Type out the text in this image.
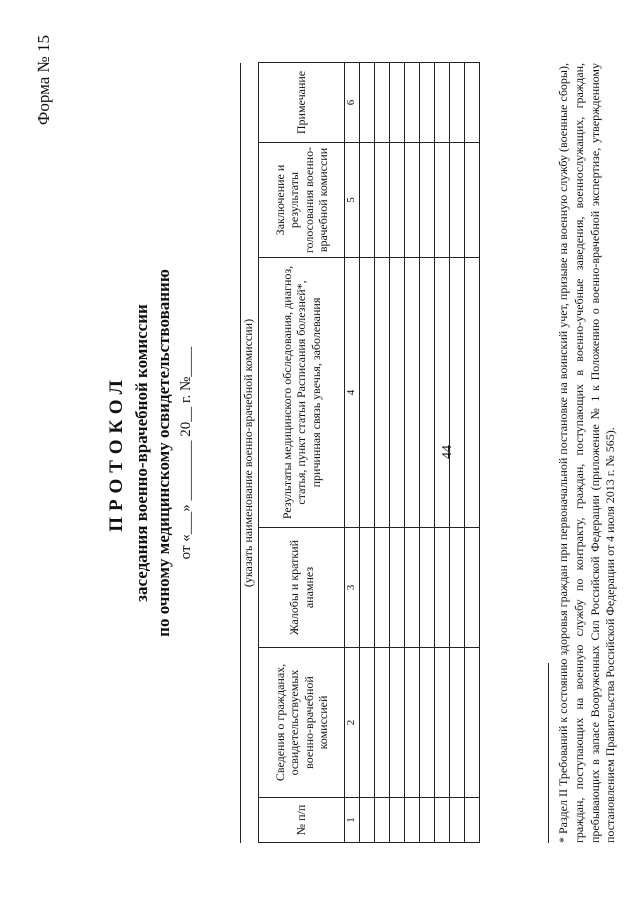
44
Форма № 15
ПРОТОКОЛ заседания военно-врачебной комиссии по очному медицинскому освидетельствованию от «___» ________ 20__ г. №____	(указать наименование военно-врачебной комиссии)
№ п/п	Сведения о гражданах, освидетельствуемых военно-врачебной комиссией	Жалобы и краткий анамнез	Результаты медицинского обследования, диагноз, статья, пункт статьи Расписания болезней*, причинная связь увечья, заболевания	Заключение и результаты голосования военно-врачебной комиссии	Примечание
1	2	3	4	5	6

						* Раздел II Требований к состоянию здоровья граждан при первоначальной постановке на воинский учет, призыве на военную службу (военные сборы), граждан, поступающих на военную службу по контракту, граждан, поступающих в военно-учебные заведения, военнослужащих, граждан, пребывающих в запасе Вооруженных Сил Российской Федерации (приложение № 1 к Положению о военно-врачебной экспертизе, утвержденному постановлением Правительства Российской Федерации от 4 июля 2013 г. № 565).
